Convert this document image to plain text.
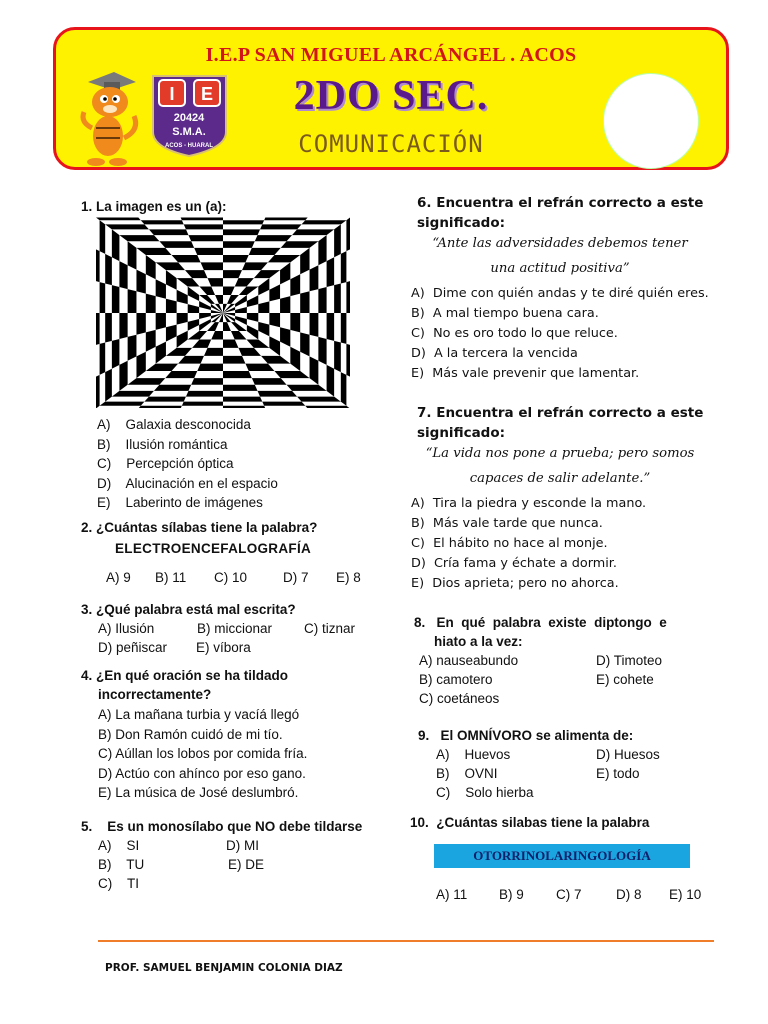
I.E.P SAN MIGUEL ARCÁNGEL . ACOS
2DO SEC.
COMUNICACIÓN
I E
20424
S.M.A.
ACOS - HUARAL
1. La imagen es un (a):
A)    Galaxia desconocida
B)    Ilusión romántica
C)    Percepción óptica
D)    Alucinación en el espacio
E)    Laberinto de imágenes
2. ¿Cuántas sílabas tiene la palabra?
ELECTROENCEFALOGRAFÍA
A) 9 B) 11 C) 10	D) 7 E) 8
3. ¿Qué palabra está mal escrita?
A) Ilusión	B) miccionar C) tiznar
D) peñiscar E) víbora
4. ¿En qué oración se ha tildado
incorrectamente?
A) La mañana turbia y vacíá llegó
B) Don Ramón cuidó de mi tío.
C) Aúllan los lobos por comida fría.
D) Actúo con ahínco por eso gano.
E) La música de José deslumbró.
5.    Es un monosílabo que NO debe tildarse
A)    SI	D) MI
B)    TU	E) DE
C)    TI
6. Encuentra el refrán correcto a este
significado:
“Ante las adversidades debemos tener
una actitud positiva”
A)  Dime con quién andas y te diré quién eres.
B)  A mal tiempo buena cara.
C)  No es oro todo lo que reluce.
D)  A la tercera la vencida
E)  Más vale prevenir que lamentar.
7. Encuentra el refrán correcto a este
significado:
“La vida nos pone a prueba; pero somos
capaces de salir adelante.”
A)  Tira la piedra y esconde la mano.
B)  Más vale tarde que nunca.
C)  El hábito no hace al monje.
D)  Cría fama y échate a dormir.
E)  Dios aprieta; pero no ahorca.
8.   En  qué  palabra  existe  diptongo  e
hiato a la vez:
A) nauseabundo	D) Timoteo
B) camotero	E) cohete
C) coetáneos
9.   El OMNÍVORO se alimenta de:
A)    Huevos	D) Huesos
B)    OVNI	E) todo
C)    Solo hierba
10.  ¿Cuántas silabas tiene la palabra
OTORRINOLARINGOLOGÍA
A) 11 B) 9 C) 7	D) 8 E) 10
PROF. SAMUEL BENJAMIN COLONIA DIAZ
